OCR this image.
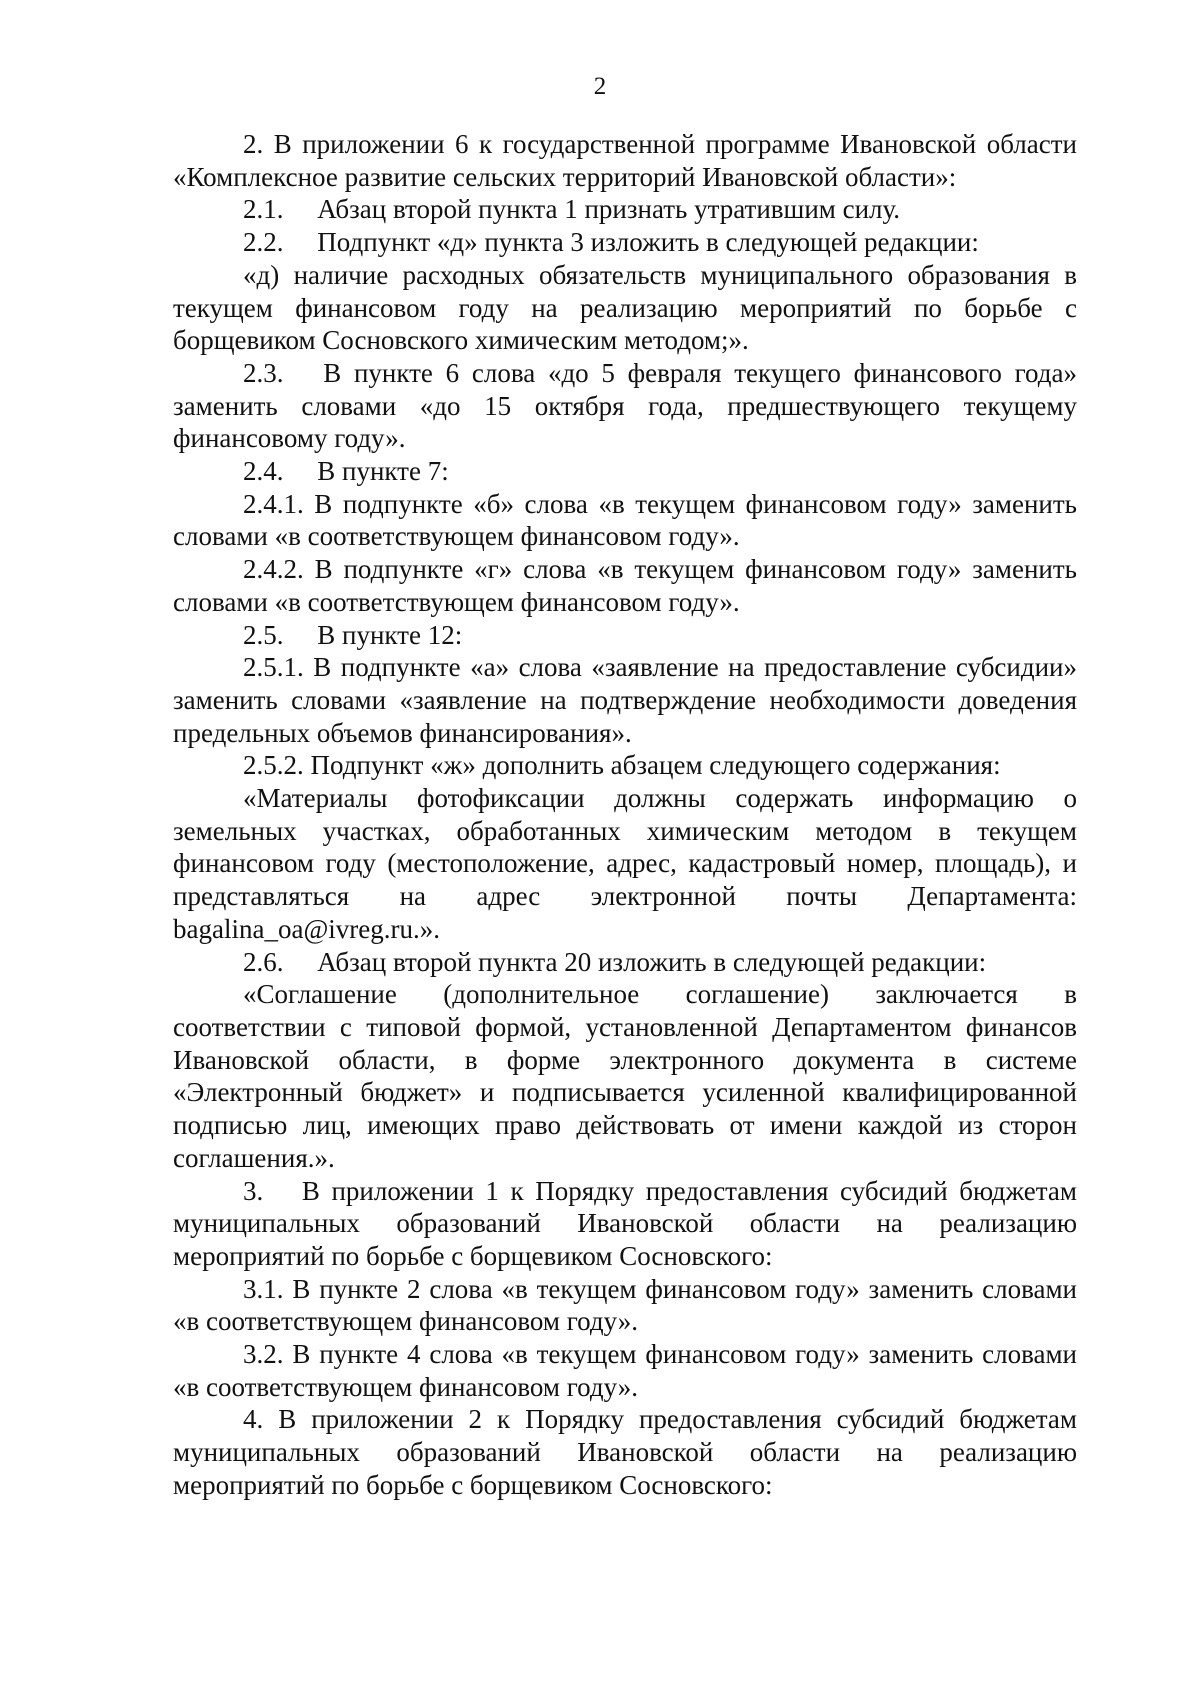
2

2. В приложении 6 к государственной программе Ивановской области «Комплексное развитие сельских территорий Ивановской области»:

2.1.  Абзац второй пункта 1 признать утратившим силу.

2.2.  Подпункт «д» пункта 3 изложить в следующей редакции:

«д) наличие расходных обязательств муниципального образования в текущем финансовом году на реализацию мероприятий по борьбе с борщевиком Сосновского химическим методом;».

2.3.  В пункте 6 слова «до 5 февраля текущего финансового года» заменить словами «до 15 октября года, предшествующего текущему финансовому году».

2.4.  В пункте 7:

2.4.1. В подпункте «б» слова «в текущем финансовом году» заменить словами «в соответствующем финансовом году».

2.4.2. В подпункте «г» слова «в текущем финансовом году» заменить словами «в соответствующем финансовом году».

2.5.  В пункте 12:

2.5.1. В подпункте «а» слова «заявление на предоставление субсидии» заменить словами «заявление на подтверждение необходимости доведения предельных объемов финансирования».

2.5.2. Подпункт «ж» дополнить абзацем следующего содержания:

«Материалы фотофиксации должны содержать информацию о земельных участках, обработанных химическим методом в текущем финансовом году (местоположение, адрес, кадастровый номер, площадь), и представляться на адрес электронной почты Департамента: bagalina_oa@ivreg.ru.».

2.6.  Абзац второй пункта 20 изложить в следующей редакции:

«Соглашение (дополнительное соглашение) заключается в соответствии с типовой формой, установленной Департаментом финансов Ивановской области, в форме электронного документа в системе «Электронный бюджет» и подписывается усиленной квалифицированной подписью лиц, имеющих право действовать от имени каждой из сторон соглашения.».

3.  В приложении 1 к Порядку предоставления субсидий бюджетам муниципальных образований Ивановской области на реализацию мероприятий по борьбе с борщевиком Сосновского:

3.1. В пункте 2 слова «в текущем финансовом году» заменить словами «в соответствующем финансовом году».

3.2. В пункте 4 слова «в текущем финансовом году» заменить словами «в соответствующем финансовом году».

4. В приложении 2 к Порядку предоставления субсидий бюджетам муниципальных образований Ивановской области на реализацию мероприятий по борьбе с борщевиком Сосновского:
